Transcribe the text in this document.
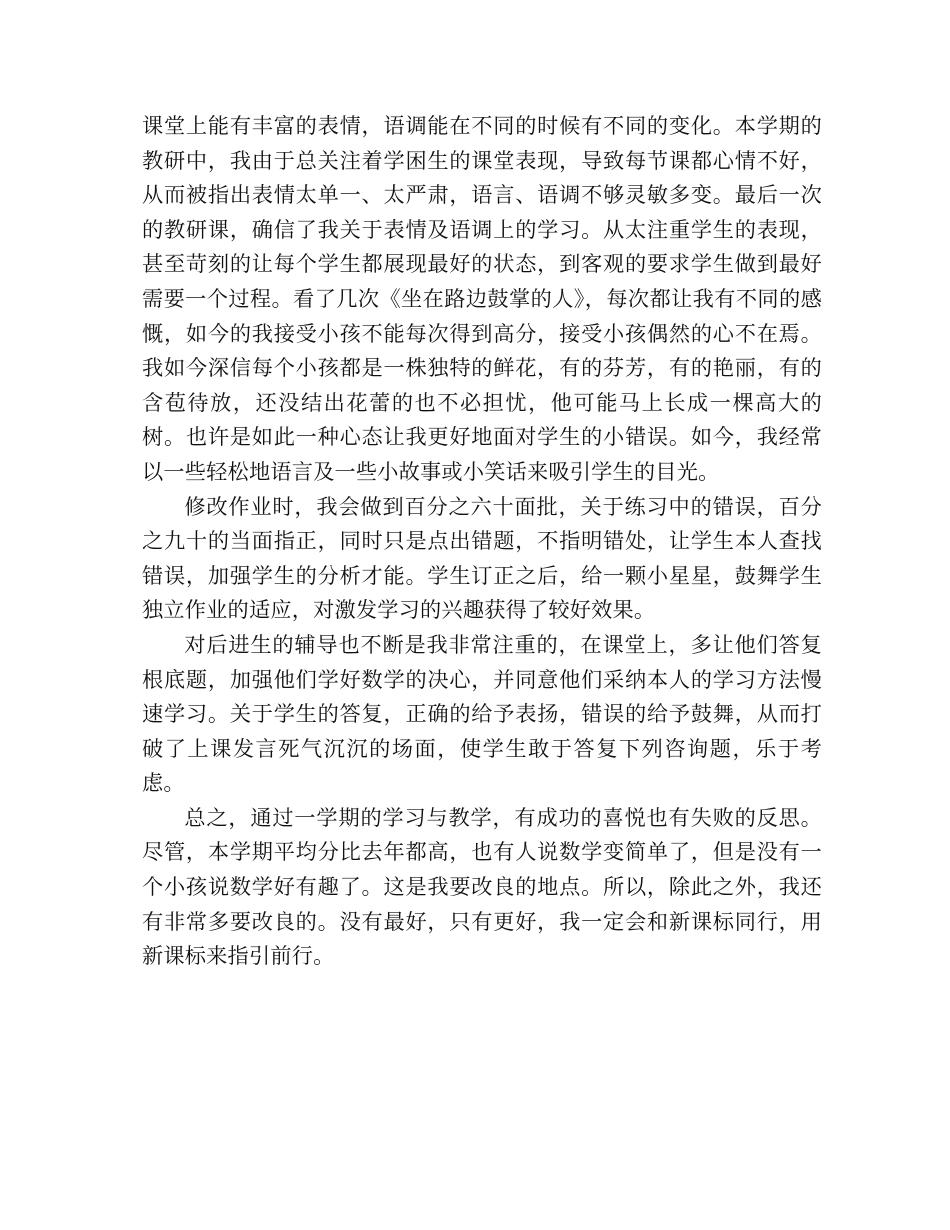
课堂上能有丰富的表情，语调能在不同的时候有不同的变化。本学期的教研中，我由于总关注着学困生的课堂表现，导致每节课都心情不好，从而被指出表情太单一、太严肃，语言、语调不够灵敏多变。最后一次的教研课，确信了我关于表情及语调上的学习。从太注重学生的表现，甚至苛刻的让每个学生都展现最好的状态，到客观的要求学生做到最好需要一个过程。看了几次《坐在路边鼓掌的人》，每次都让我有不同的感慨，如今的我接受小孩不能每次得到高分，接受小孩偶然的心不在焉。我如今深信每个小孩都是一株独特的鲜花，有的芬芳，有的艳丽，有的含苞待放，还没结出花蕾的也不必担忧，他可能马上长成一棵高大的树。也许是如此一种心态让我更好地面对学生的小错误。如今，我经常以一些轻松地语言及一些小故事或小笑话来吸引学生的目光。

修改作业时，我会做到百分之六十面批，关于练习中的错误，百分之九十的当面指正，同时只是点出错题，不指明错处，让学生本人查找错误，加强学生的分析才能。学生订正之后，给一颗小星星，鼓舞学生独立作业的适应，对激发学习的兴趣获得了较好效果。

对后进生的辅导也不断是我非常注重的，在课堂上，多让他们答复根底题，加强他们学好数学的决心，并同意他们采纳本人的学习方法慢速学习。关于学生的答复，正确的给予表扬，错误的给予鼓舞，从而打破了上课发言死气沉沉的场面，使学生敢于答复下列咨询题，乐于考虑。

总之，通过一学期的学习与教学，有成功的喜悦也有失败的反思。尽管，本学期平均分比去年都高，也有人说数学变简单了，但是没有一个小孩说数学好有趣了。这是我要改良的地点。所以，除此之外，我还有非常多要改良的。没有最好，只有更好，我一定会和新课标同行，用新课标来指引前行。
